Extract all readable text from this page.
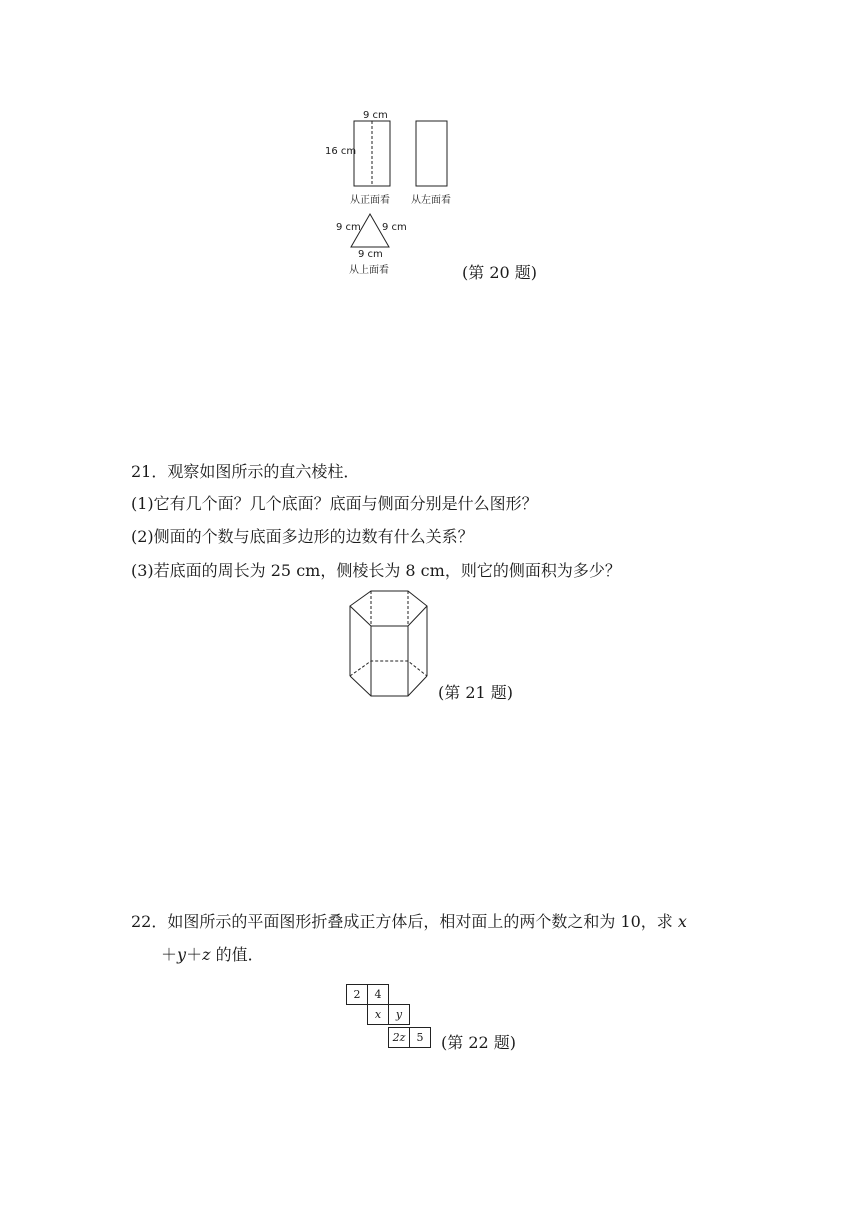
9 cm
16 cm
从正面看 从左面看
9 cm 9 cm
9 cm
从上面看	(第 20 题)
21．观察如图所示的直六棱柱．
(1)它有几个面？几个底面？底面与侧面分别是什么图形？
(2)侧面的个数与底面多边形的边数有什么关系？
(3)若底面的周长为 25 cm，侧棱长为 8 cm，则它的侧面积为多少？
(第 21 题)
22．如图所示的平面图形折叠成正方体后，相对面上的两个数之和为 10，求 x
＋y＋z 的值．
2	4
x	y
2z	5	(第 22 题)
